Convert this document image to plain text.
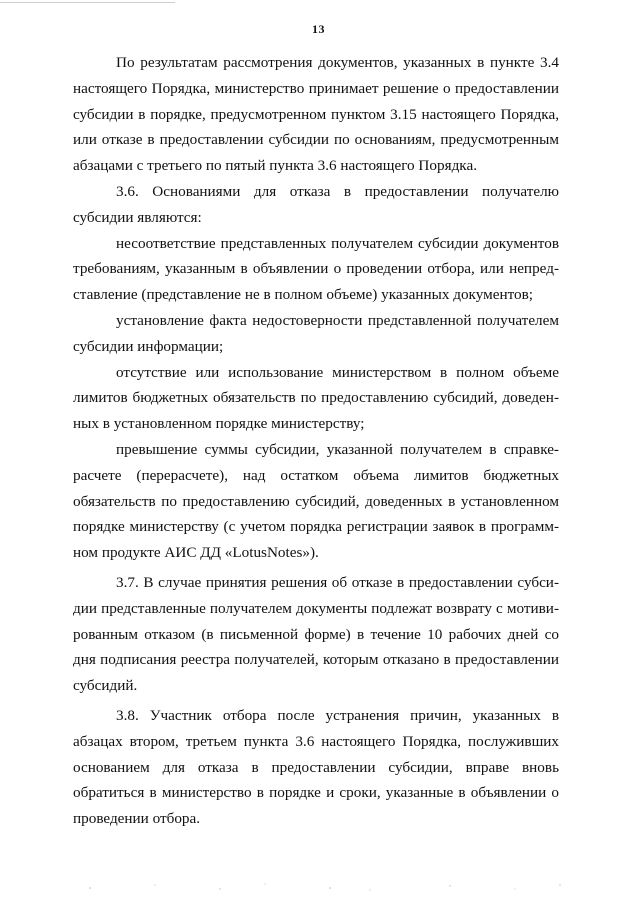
13

По результатам рассмотрения документов, указанных в пункте 3.4 настоящего Порядка, министерство принимает решение о предоставлении субсидии в порядке, предусмотренном пунктом 3.15 настоящего Порядка, или отказе в предоставлении субсидии по основаниям, предусмотренным абзацами с третьего по пятый пункта 3.6 настоящего Порядка.

3.6. Основаниями для отказа в предоставлении получателю субсидии являются:

несоответствие представленных получателем субсидии документов требованиям, указанным в объявлении о проведении отбора, или непредставление (представление не в полном объеме) указанных документов;

установление факта недостоверности представленной получателем субсидии информации;

отсутствие или использование министерством в полном объеме лимитов бюджетных обязательств по предоставлению субсидий, доведенных в установленном порядке министерству;

превышение суммы субсидии, указанной получателем в справке-расчете (перерасчете), над остатком объема лимитов бюджетных обязательств по предоставлению субсидий, доведенных в установленном порядке министерству (с учетом порядка регистрации заявок в программном продукте АИС ДД «LotusNotes»).

3.7. В случае принятия решения об отказе в предоставлении субсидии представленные получателем документы подлежат возврату с мотивированным отказом (в письменной форме) в течение 10 рабочих дней со дня подписания реестра получателей, которым отказано в предоставлении субсидий.

3.8. Участник отбора после устранения причин, указанных в абзацах втором, третьем пункта 3.6 настоящего Порядка, послуживших основанием для отказа в предоставлении субсидии, вправе вновь обратиться в министерство в порядке и сроки, указанные в объявлении о проведении отбора.
